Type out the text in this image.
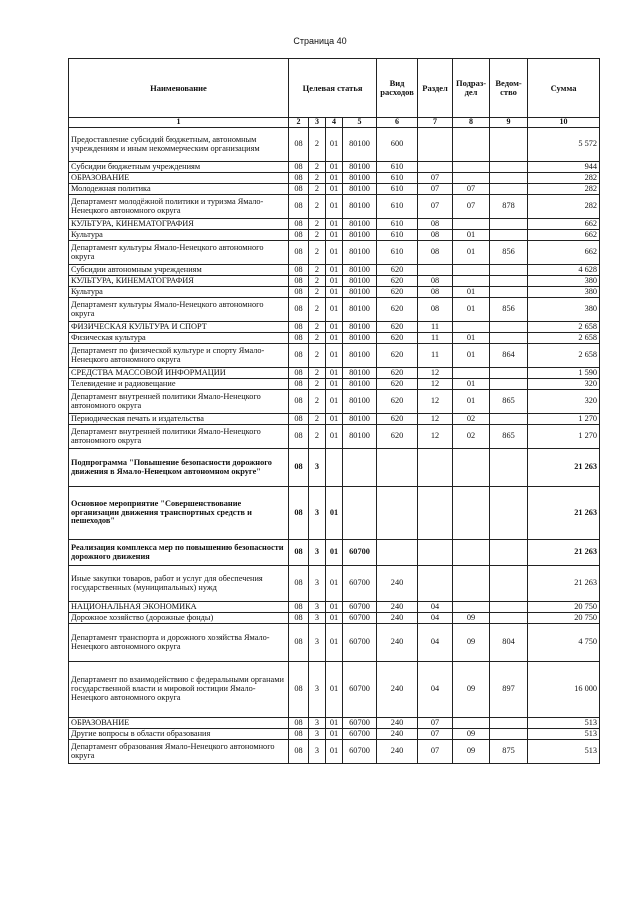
Страница 40
Наименование	Целевая статья				Вид расходов	Раздел	Подраз-дел	Ведом-ство	Сумма
1	2	3	4	5	6	7	8	9	10
Предоставление субсидий бюджетным, автономным учреждениям и иным некоммерческим организациям	08	2	01	80100	600				5 572
Субсидии бюджетным учреждениям	08	2	01	80100	610				944
ОБРАЗОВАНИЕ	08	2	01	80100	610	07			282
Молодежная политика	08	2	01	80100	610	07	07		282
Департамент молодёжной политики и туризма Ямало-Ненецкого автономного округа	08	2	01	80100	610	07	07	878	282
КУЛЬТУРА, КИНЕМАТОГРАФИЯ	08	2	01	80100	610	08			662
Культура	08	2	01	80100	610	08	01		662
Департамент культуры Ямало-Ненецкого автономного округа	08	2	01	80100	610	08	01	856	662
Субсидии автономным учреждениям	08	2	01	80100	620				4 628
КУЛЬТУРА, КИНЕМАТОГРАФИЯ	08	2	01	80100	620	08			380
Культура	08	2	01	80100	620	08	01		380
Департамент культуры Ямало-Ненецкого автономного округа	08	2	01	80100	620	08	01	856	380
ФИЗИЧЕСКАЯ КУЛЬТУРА И СПОРТ	08	2	01	80100	620	11			2 658
Физическая культура	08	2	01	80100	620	11	01		2 658
Департамент по физической культуре и спорту Ямало-Ненецкого автономного округа	08	2	01	80100	620	11	01	864	2 658
СРЕДСТВА МАССОВОЙ ИНФОРМАЦИИ	08	2	01	80100	620	12			1 590
Телевидение и радиовещание	08	2	01	80100	620	12	01		320
Департамент внутренней политики Ямало-Ненецкого автономного округа	08	2	01	80100	620	12	01	865	320
Периодическая печать и издательства	08	2	01	80100	620	12	02		1 270
Департамент внутренней политики Ямало-Ненецкого автономного округа	08	2	01	80100	620	12	02	865	1 270
Подпрограмма "Повышение безопасности дорожного движения в Ямало-Ненецком автономном округе"	08	3							21 263
Основное мероприятие "Совершенствование организации движения транспортных средств и пешеходов"	08	3	01						21 263
Реализация комплекса мер по повышению безопасности дорожного движения	08	3	01	60700					21 263
Иные закупки товаров, работ и услуг для обеспечения государственных (муниципальных) нужд	08	3	01	60700	240				21 263
НАЦИОНАЛЬНАЯ ЭКОНОМИКА	08	3	01	60700	240	04			20 750
Дорожное хозяйство (дорожные фонды)	08	3	01	60700	240	04	09		20 750
Департамент транспорта и дорожного хозяйства Ямало-Ненецкого автономного округа	08	3	01	60700	240	04	09	804	4 750
Департамент по взаимодействию с федеральными органами государственной власти и мировой юстиции Ямало-Ненецкого автономного округа	08	3	01	60700	240	04	09	897	16 000
ОБРАЗОВАНИЕ	08	3	01	60700	240	07			513
Другие вопросы в области образования	08	3	01	60700	240	07	09		513
Департамент образования Ямало-Ненецкого автономного округа	08	3	01	60700	240	07	09	875	513
